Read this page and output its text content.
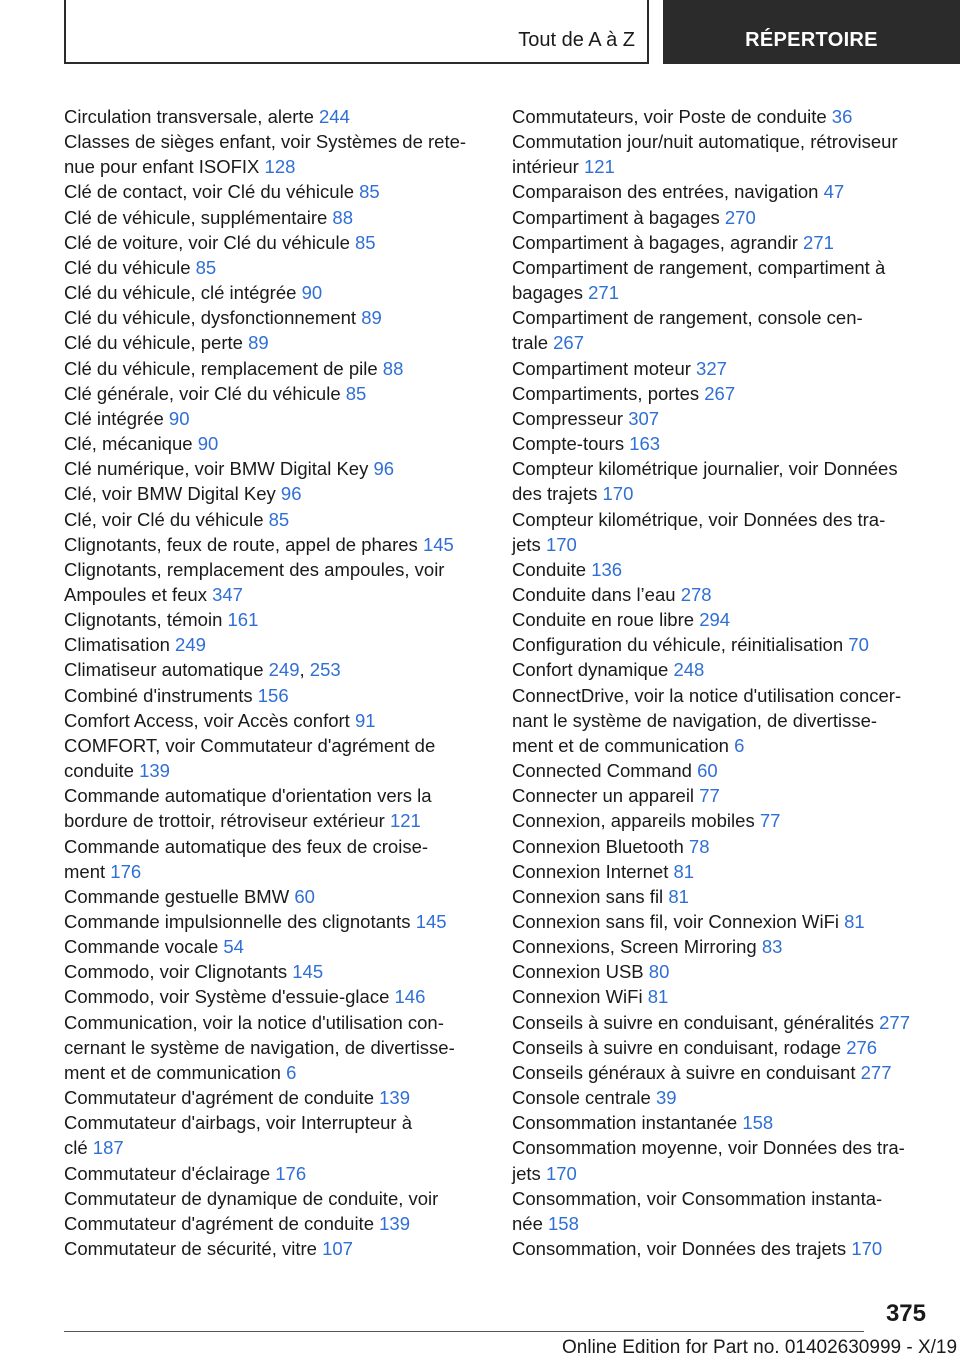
Tout de A à Z	RÉPERTOIRE
Circulation transversale, alerte 244
Classes de sièges enfant, voir Systèmes de rete-
nue pour enfant ISOFIX 128
Clé de contact, voir Clé du véhicule 85
Clé de véhicule, supplémentaire 88
Clé de voiture, voir Clé du véhicule 85
Clé du véhicule 85
Clé du véhicule, clé intégrée 90
Clé du véhicule, dysfonctionnement 89
Clé du véhicule, perte 89
Clé du véhicule, remplacement de pile 88
Clé générale, voir Clé du véhicule 85
Clé intégrée 90
Clé, mécanique 90
Clé numérique, voir BMW Digital Key 96
Clé, voir BMW Digital Key 96
Clé, voir Clé du véhicule 85
Clignotants, feux de route, appel de phares 145
Clignotants, remplacement des ampoules, voir
Ampoules et feux 347
Clignotants, témoin 161
Climatisation 249
Climatiseur automatique 249, 253
Combiné d'instruments 156
Comfort Access, voir Accès confort 91
COMFORT, voir Commutateur d'agrément de
conduite 139
Commande automatique d'orientation vers la
bordure de trottoir, rétroviseur extérieur 121
Commande automatique des feux de croise-
ment 176
Commande gestuelle BMW 60
Commande impulsionnelle des clignotants 145
Commande vocale 54
Commodo, voir Clignotants 145
Commodo, voir Système d'essuie-glace 146
Communication, voir la notice d'utilisation con-
cernant le système de navigation, de divertisse-
ment et de communication 6
Commutateur d'agrément de conduite 139
Commutateur d'airbags, voir Interrupteur à
clé 187
Commutateur d'éclairage 176
Commutateur de dynamique de conduite, voir
Commutateur d'agrément de conduite 139
Commutateur de sécurité, vitre 107
Commutateurs, voir Poste de conduite 36
Commutation jour/nuit automatique, rétroviseur
intérieur 121
Comparaison des entrées, navigation 47
Compartiment à bagages 270
Compartiment à bagages, agrandir 271
Compartiment de rangement, compartiment à
bagages 271
Compartiment de rangement, console cen-
trale 267
Compartiment moteur 327
Compartiments, portes 267
Compresseur 307
Compte-tours 163
Compteur kilométrique journalier, voir Données
des trajets 170
Compteur kilométrique, voir Données des tra-
jets 170
Conduite 136
Conduite dans l’eau 278
Conduite en roue libre 294
Configuration du véhicule, réinitialisation 70
Confort dynamique 248
ConnectDrive, voir la notice d'utilisation concer-
nant le système de navigation, de divertisse-
ment et de communication 6
Connected Command 60
Connecter un appareil 77
Connexion, appareils mobiles 77
Connexion Bluetooth 78
Connexion Internet 81
Connexion sans fil 81
Connexion sans fil, voir Connexion WiFi 81
Connexions, Screen Mirroring 83
Connexion USB 80
Connexion WiFi 81
Conseils à suivre en conduisant, généralités 277
Conseils à suivre en conduisant, rodage 276
Conseils généraux à suivre en conduisant 277
Console centrale 39
Consommation instantanée 158
Consommation moyenne, voir Données des tra-
jets 170
Consommation, voir Consommation instanta-
née 158
Consommation, voir Données des trajets 170
375
Online Edition for Part no. 01402630999 - X/19
